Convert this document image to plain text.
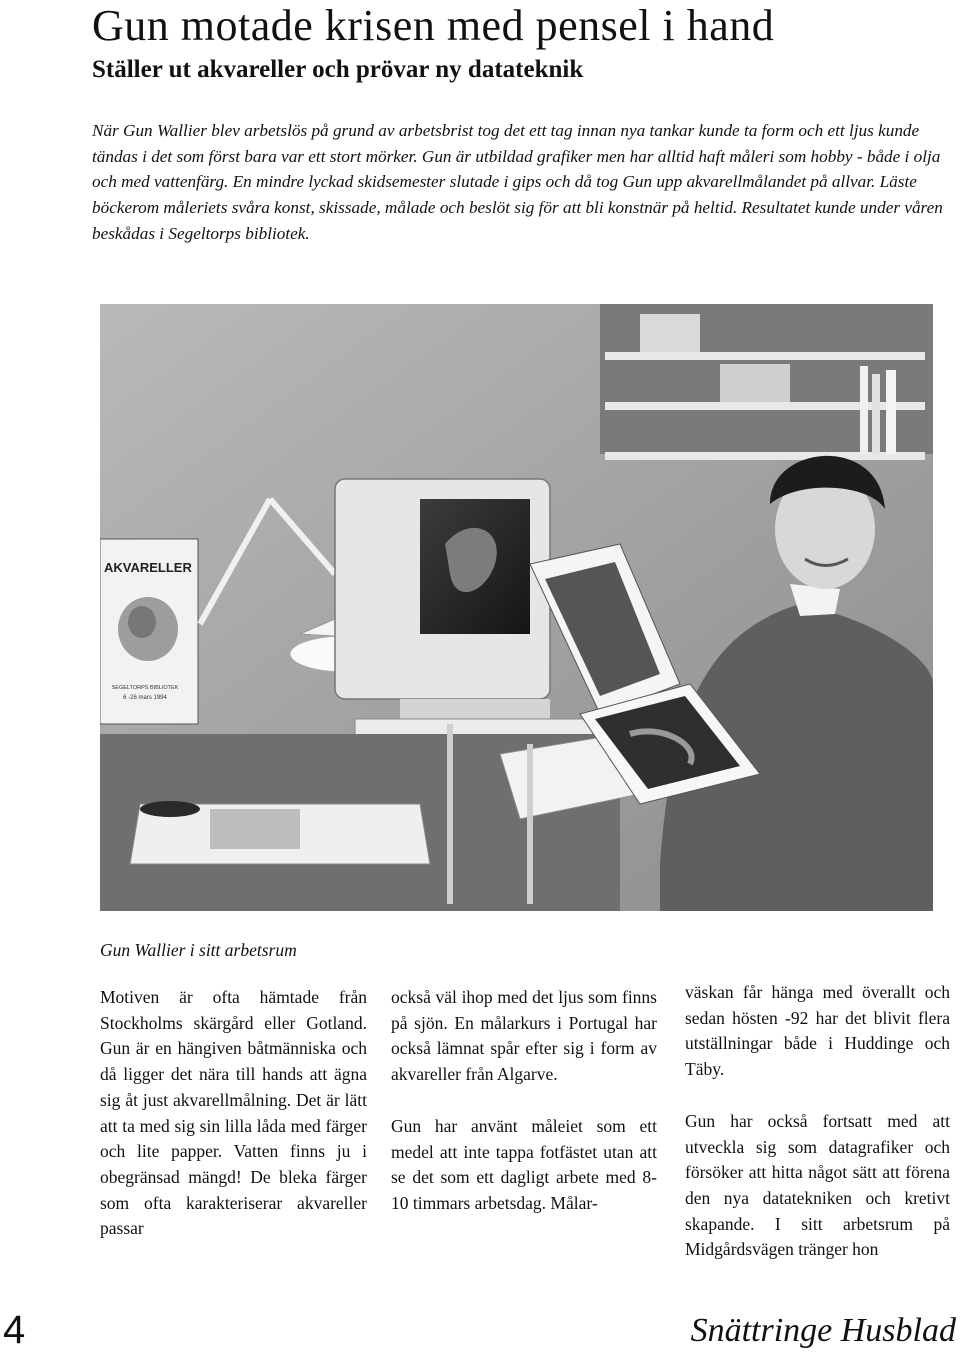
Gun motade krisen med pensel i hand
Ställer ut akvareller och prövar ny datateknik

När Gun Wallier blev arbetslös på grund av arbetsbrist tog det ett tag innan nya tankar kunde ta form och ett ljus kunde tändas i det som först bara var ett stort mörker. Gun är utbildad grafiker men har alltid haft måleri som hobby - både i olja och med vattenfärg. En mindre lyckad skidsemester slutade i gips och då tog Gun upp akvarellmålandet på allvar. Läste böckerom måleriets svåra konst, skissade, målade och beslöt sig för att bli konstnär på heltid. Resultatet kunde under våren beskådas i Segeltorps bibliotek.

AKVARELLER
SEGELTORPS BIBLIOTEK
6 -26 mars 1994

Gun Wallier i sitt arbetsrum

Motiven är ofta hämtade från Stockholms skärgård eller Gotland. Gun är en hängiven båtmänniska och då ligger det nära till hands att ägna sig åt just akvarellmålning. Det är lätt att ta med sig sin lilla låda med färger och lite papper. Vatten finns ju i obegränsad mängd! De bleka färger som ofta karakteriserar akvareller passar

också väl ihop med det ljus som finns på sjön. En målarkurs i Portugal har också lämnat spår efter sig i form av akvareller från Algarve.

Gun har använt måleiet som ett medel att inte tappa fotfästet utan att se det som ett dagligt arbete med 8-10 timmars arbetsdag. Målar-

väskan får hänga med överallt och sedan hösten -92 har det blivit flera utställningar både i Huddinge och Täby.

Gun har också fortsatt med att utveckla sig som datagrafiker och försöker att hitta något sätt att förena den nya datatekniken och kretivt skapande. I sitt arbetsrum på Midgårdsvägen tränger hon

4	Snättringe Husblad
